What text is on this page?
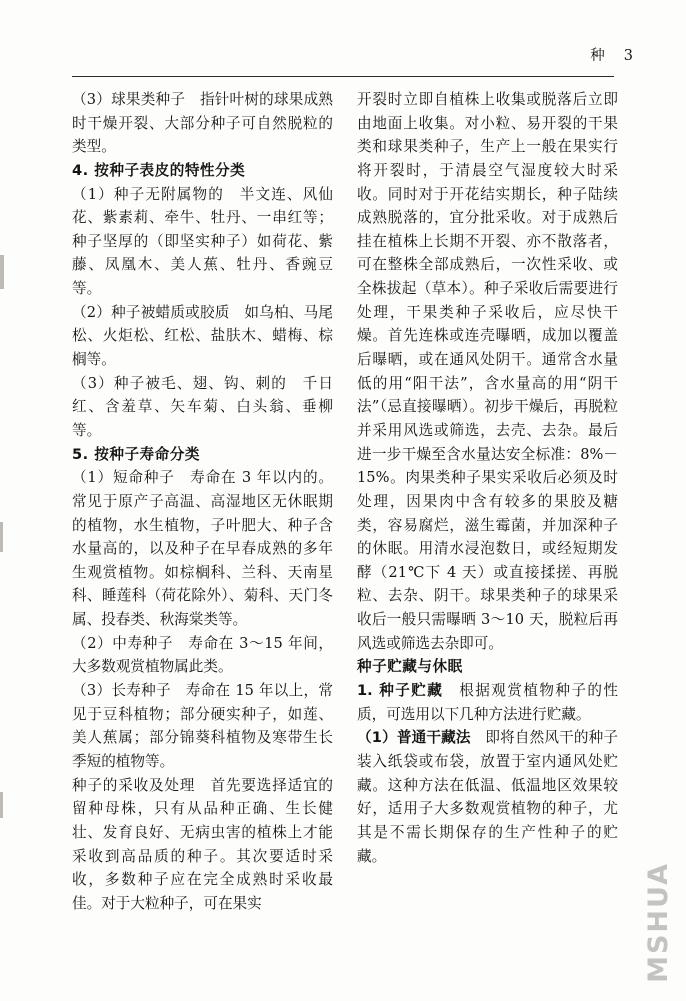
种 3

（3）球果类种子　指针叶树的球果成熟时干燥开裂、大部分种子可自然脱粒的类型。

4. 按种子表皮的特性分类

（1）种子无附属物的　半文连、风仙花、紫素莉、牵牛、牡丹、一串红等；种子坚厚的（即坚实种子）如荷花、紫藤、凤凰木、美人蕉、牡丹、香豌豆等。

（2）种子被蜡质或胶质　如乌柏、马尾松、火炬松、红松、盐肤木、蜡梅、棕榈等。

（3）种子被毛、翅、钩、刺的　千日红、含羞草、矢车菊、白头翁、垂柳等。

5. 按种子寿命分类

（1）短命种子　寿命在 3 年以内的。常见于原产子高温、高湿地区无休眠期的植物，水生植物，子叶肥大、种子含水量高的，以及种子在早春成熟的多年生观赏植物。如棕榈科、兰科、天南星科、睡莲科（荷花除外）、菊科、天门冬属、投春类、秋海棠类等。

（2）中寿种子　寿命在 3～15 年间，大多数观赏植物属此类。

（3）长寿种子　寿命在 15 年以上，常见于豆科植物；部分硬实种子，如莲、美人蕉属；部分锦葵科植物及寒带生长季短的植物等。

种子的采收及处理　首先要选择适宜的留种母株，只有从品种正确、生长健壮、发育良好、无病虫害的植株上才能采收到高品质的种子。其次要适时采收，多数种子应在完全成熟时采收最佳。对于大粒种子，可在果实

开裂时立即自植株上收集或脱落后立即由地面上收集。对小粒、易开裂的干果类和球果类种子，生产上一般在果实行将开裂时，于清晨空气湿度较大时采收。同时对于开花结实期长，种子陆续成熟脱落的，宜分批采收。对于成熟后挂在植株上长期不开裂、亦不散落者，可在整株全部成熟后，一次性采收、或全株拔起（草本）。种子采收后需要进行处理，干果类种子采收后，应尽快干燥。首先连株或连壳曝晒，成加以覆盖后曝晒，或在通风处阴干。通常含水量低的用“阳干法”，含水量高的用“阴干法”（忌直接曝晒）。初步干燥后，再脱粒并采用风选或筛选，去壳、去杂。最后进一步干燥至含水量达安全标准：8%－15%。肉果类种子果实采收后必须及时处理，因果肉中含有较多的果胶及糖类，容易腐烂，滋生霉菌，并加深种子的休眠。用清水浸泡数日，或经短期发酵（21℃下 4 天）或直接揉搓、再脱粒、去杂、阴干。球果类种子的球果采收后一般只需曝晒 3～10 天，脱粒后再风选或筛选去杂即可。

种子贮藏与休眠

1. 种子贮藏　根据观赏植物种子的性质，可选用以下几种方法进行贮藏。

（1）普通干藏法　即将自然风干的种子装入纸袋或布袋，放置于室内通风处贮藏。这种方法在低温、低温地区效果较好，适用子大多数观赏植物的种子，尤其是不需长期保存的生产性种子的贮藏。

MSHUA
